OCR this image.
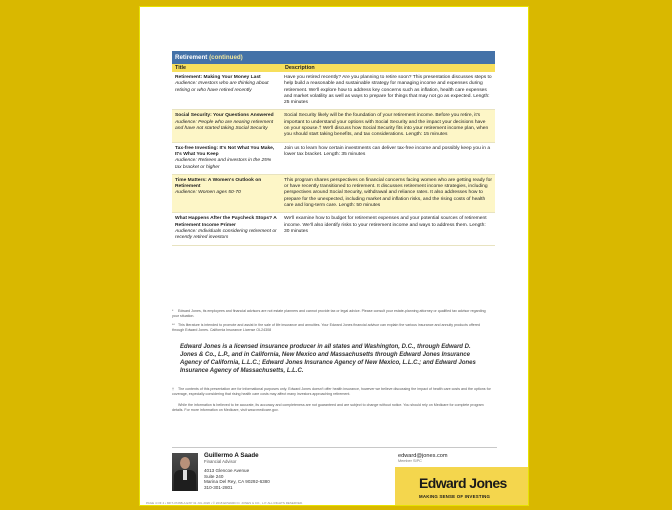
Retirement (continued)
Title	Description
Retirement: Making Your Money Last
Audience: Investors who are thinking about retiring or who have retired recently
Have you retired recently? Are you planning to retire soon? This presentation discusses steps to help build a reasonable and sustainable strategy for managing income and expenses during retirement. We'll explore how to address key concerns such as inflation, health care expenses and market volatility as well as ways to prepare for things that may not go as expected. Length: 25 minutes
Social Security: Your Questions Answered
Audience: People who are nearing retirement and have not started taking Social Security
Social Security likely will be the foundation of your retirement income. Before you retire, it's important to understand your options with Social Security and the impact your decisions have on your spouse.† We'll discuss how Social Security fits into your retirement income plan, when you should start taking benefits, and tax considerations. Length: 15 minutes
Tax-free Investing: It's Not What You Make, It's What You Keep
Audience: Retirees and investors in the 25% tax bracket or higher
Join us to learn how certain investments can deliver tax-free income and possibly keep you in a lower tax bracket. Length: 35 minutes
Time Matters: A Women's Outlook on Retirement
Audience: Women ages 50-70
This program shares perspectives on financial concerns facing women who are getting ready for or have recently transitioned to retirement. It discusses retirement income strategies, including perspectives around Social Security, withdrawal and reliance rates. It also addresses how to prepare for the unexpected, including market and inflation risks, and the rising costs of health care and long-term care. Length: 50 minutes
What Happens After the Paycheck Stops? A Retirement Income Primer
Audience: Individuals considering retirement or recently retired investors
We'll examine how to budget for retirement expenses and your potential sources of retirement income. We'll also identify risks to your retirement income and ways to address them. Length: 30 minutes
* Edward Jones, its employees and financial advisors are not estate planners and cannot provide tax or legal advice. Please consult your estate-planning attorney or qualified tax advisor regarding your situation.
** This literature is intended to promote and assist in the sale of life insurance and annuities. Your Edward Jones financial advisor can explain the various insurance and annuity products offered through Edward Jones. California Insurance License OL24308
Edward Jones is a licensed insurance producer in all states and Washington, D.C., through Edward D. Jones & Co., L.P., and in California, New Mexico and Massachusetts through Edward Jones Insurance Agency of California, L.L.C.; Edward Jones Insurance Agency of New Mexico, L.L.C.; and Edward Jones Insurance Agency of Massachusetts, L.L.C.
† The contents of this presentation are for informational purposes only. Edward Jones doesn't offer health insurance, however we believe discussing the impact of health care costs and the options for coverage, especially considering that rising health care costs may affect many investors approaching retirement.
While the information is believed to be accurate, its accuracy and completeness are not guaranteed and are subject to change without notice. You should rely on Medicare for complete program details. For more information on Medicare, visit www.medicare.gov.
Guillermo A Saade
Financial Advisor
4013 Glencoe Avenue
Suite 240
Marina Del Rey, CA 90292-6380
310-301-2801
edward@jones.com
Member SIPC
Edward Jones
MAKING SENSE OF INVESTING
PAGE 4 OF 4 • MKT-3726B-A EXP 31 JUL 2020 • © 2018 EDWARD D. JONES & CO., L.P. ALL RIGHTS RESERVED.
